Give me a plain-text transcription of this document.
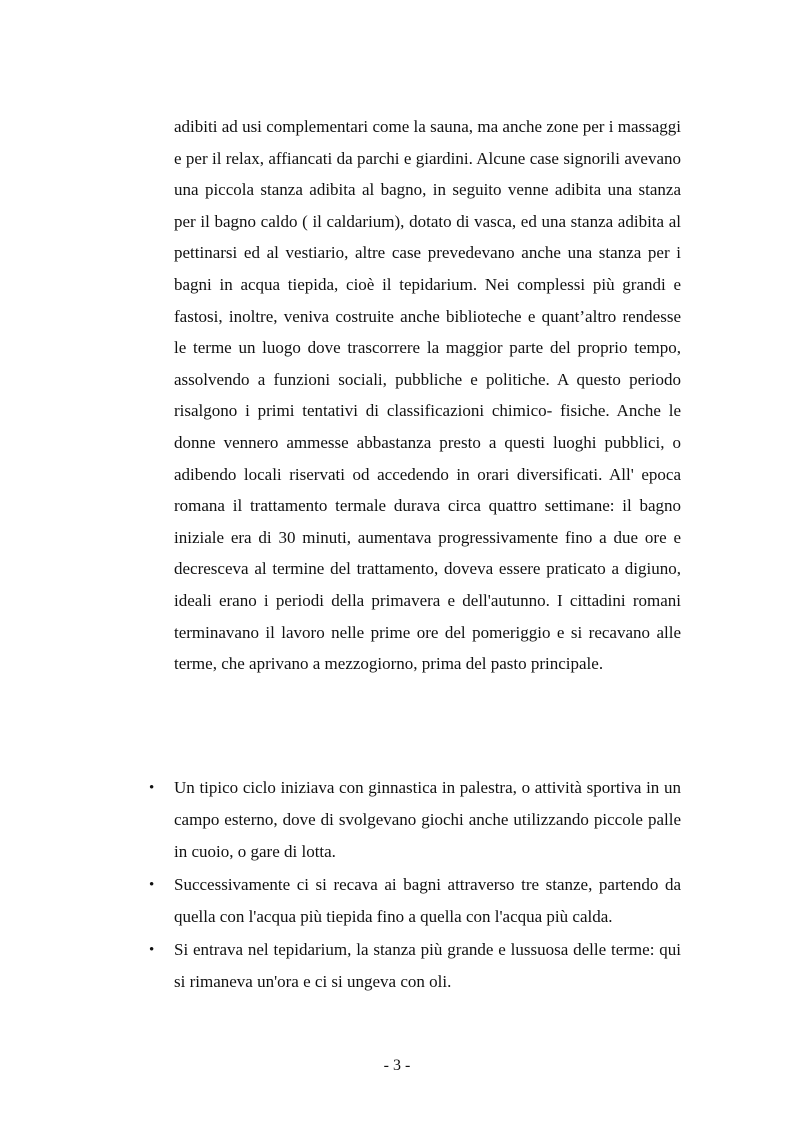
adibiti ad usi complementari come la sauna, ma anche zone per i massaggi e per il relax, affiancati da parchi e giardini. Alcune case signorili avevano una piccola stanza adibita al bagno, in seguito venne adibita una stanza per il bagno caldo ( il caldarium), dotato di vasca, ed una stanza adibita al pettinarsi ed al vestiario, altre case prevedevano anche una stanza per i bagni in acqua tiepida, cioè il tepidarium. Nei complessi più grandi e fastosi, inoltre, veniva costruite anche biblioteche e quant’altro rendesse le terme un luogo dove trascorrere la maggior parte del proprio tempo, assolvendo a funzioni sociali, pubbliche e politiche. A questo periodo risalgono i primi tentativi di classificazioni chimico- fisiche. Anche le donne vennero ammesse abbastanza presto a questi luoghi pubblici, o adibendo locali riservati od accedendo in orari diversificati. All' epoca romana il trattamento termale durava circa quattro settimane: il bagno iniziale era di 30 minuti, aumentava progressivamente fino a due ore e decresceva al termine del trattamento, doveva essere praticato a digiuno, ideali erano i periodi della primavera e dell'autunno. I cittadini romani terminavano il lavoro nelle prime ore del pomeriggio e si recavano alle terme, che aprivano a mezzogiorno, prima del pasto principale.

•	Un tipico ciclo iniziava con ginnastica in palestra, o attività sportiva in un campo esterno, dove di svolgevano giochi anche utilizzando piccole palle in cuoio, o gare di lotta.
•	Successivamente ci si recava ai bagni attraverso tre stanze, partendo da quella con l'acqua più tiepida fino a quella con l'acqua più calda.
•	Si entrava nel tepidarium, la stanza più grande e lussuosa delle terme: qui si rimaneva un'ora e ci si ungeva con oli.
- 3 -
